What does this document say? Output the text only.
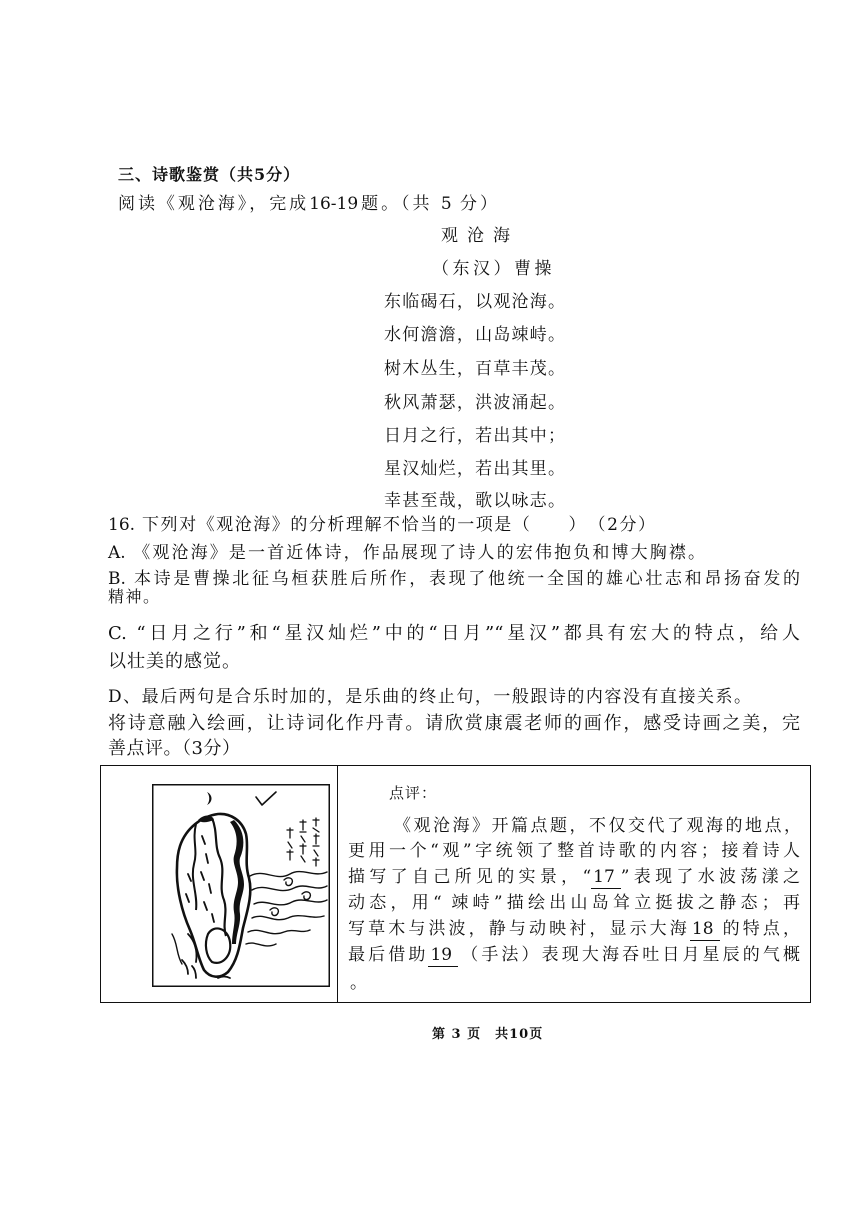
三、诗歌鉴赏（共5分）
阅读《观沧海》，完成16-19题。（共 5 分）
观沧海
（东汉）曹操
东临碣石，以观沧海。
水何澹澹，山岛竦峙。
树木丛生，百草丰茂。
秋风萧瑟，洪波涌起。
日月之行，若出其中；
星汉灿烂，若出其里。
幸甚至哉，歌以咏志。
16. 下列对《观沧海》的分析理解不恰当的一项是（　　）　（2分）
A. 《观沧海》是一首近体诗，作品展现了诗人的宏伟抱负和博大胸襟。
B. 本诗是曹操北征乌桓获胜后所作，表现了他统一全国的雄心壮志和昂扬奋发的
精神。
C. “日月之行”和“星汉灿烂”中的“日月”“星汉”都具有宏大的特点，给人
以壮美的感觉。
D、最后两句是合乐时加的，是乐曲的终止句，一般跟诗的内容没有直接关系。
将诗意融入绘画，让诗词化作丹青。请欣赏康震老师的画作，感受诗画之美，完
善点评。（3分）
点评：
《观沧海》开篇点题，不仅交代了观海的地点，
更用一个“观”字统领了整首诗歌的内容；接着诗人
描写了自己所见的实景，“ 17 ”表现了水波荡漾之
动态，用“ 竦峙”描绘出山岛耸立挺拔之静态；再
写草木与洪波，静与动映衬，显示大海 18 的特点，
最后借助 19 （手法）表现大海吞吐日月星辰的气概
。
第 3 页　共10页
